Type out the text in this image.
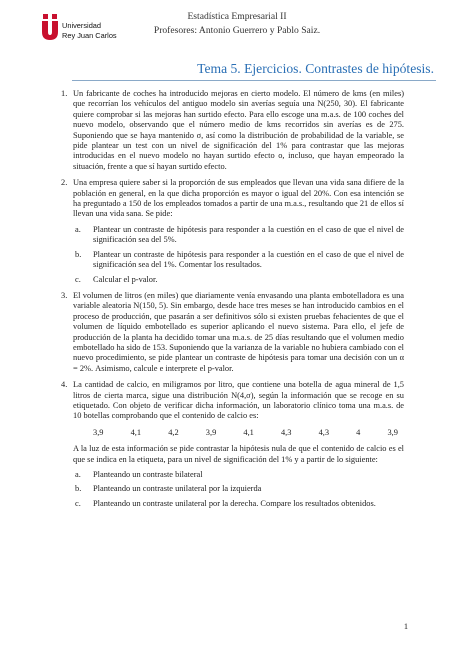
Universidad
Rey Juan Carlos
Estadística Empresarial II
Profesores: Antonio Guerrero y Pablo Saiz.
Tema 5. Ejercicios. Contrastes de hipótesis.
1. Un fabricante de coches ha introducido mejoras en cierto modelo. El número de kms (en miles) que recorrían los vehículos del antiguo modelo sin averías seguía una N(250, 30). El fabricante quiere comprobar si las mejoras han surtido efecto. Para ello escoge una m.a.s. de 100 coches del nuevo modelo, observando que el número medio de kms recorridos sin averías es de 275. Suponiendo que se haya mantenido σ, así como la distribución de probabilidad de la variable, se pide plantear un test con un nivel de significación del 1% para contrastar que las mejoras introducidas en el nuevo modelo no hayan surtido efecto o, incluso, que hayan empeorado la situación, frente a que sí hayan surtido efecto.
2. Una empresa quiere saber si la proporción de sus empleados que llevan una vida sana difiere de la población en general, en la que dicha proporción es mayor o igual del 20%. Con esa intención se ha preguntado a 150 de los empleados tomados a partir de una m.a.s., resultando que 21 de ellos sí llevan una vida sana. Se pide:
a. Plantear un contraste de hipótesis para responder a la cuestión en el caso de que el nivel de significación sea del 5%.
b. Plantear un contraste de hipótesis para responder a la cuestión en el caso de que el nivel de significación sea del 1%. Comentar los resultados.
c. Calcular el p-valor.
3. El volumen de litros (en miles) que diariamente venía envasando una planta embotelladora es una variable aleatoria N(150, 5). Sin embargo, desde hace tres meses se han introducido cambios en el proceso de producción, que pasarán a ser definitivos sólo si existen pruebas fehacientes de que el volumen de líquido embotellado es superior aplicando el nuevo sistema. Para ello, el jefe de producción de la planta ha decidido tomar una m.a.s. de 25 días resultando que el volumen medio embotellado ha sido de 153. Suponiendo que la varianza de la variable no hubiera cambiado con el nuevo procedimiento, se pide plantear un contraste de hipótesis para tomar una decisión con un α = 2%. Asimismo, calcule e interprete el p-valor.
4. La cantidad de calcio, en miligramos por litro, que contiene una botella de agua mineral de 1,5 litros de cierta marca, sigue una distribución N(4,σ), según la información que se recoge en su etiquetado. Con objeto de verificar dicha información, un laboratorio clínico toma una m.a.s. de 10 botellas comprobando que el contenido de calcio es:
3,9	4,1	4,2	3,9	4,1	4,3	4,3	4	3,9
A la luz de esta información se pide contrastar la hipótesis nula de que el contenido de calcio es el que se indica en la etiqueta, para un nivel de significación del 1% y a partir de lo siguiente:
a. Planteando un contraste bilateral
b. Planteando un contraste unilateral por la izquierda
c. Planteando un contraste unilateral por la derecha. Compare los resultados obtenidos.
1
